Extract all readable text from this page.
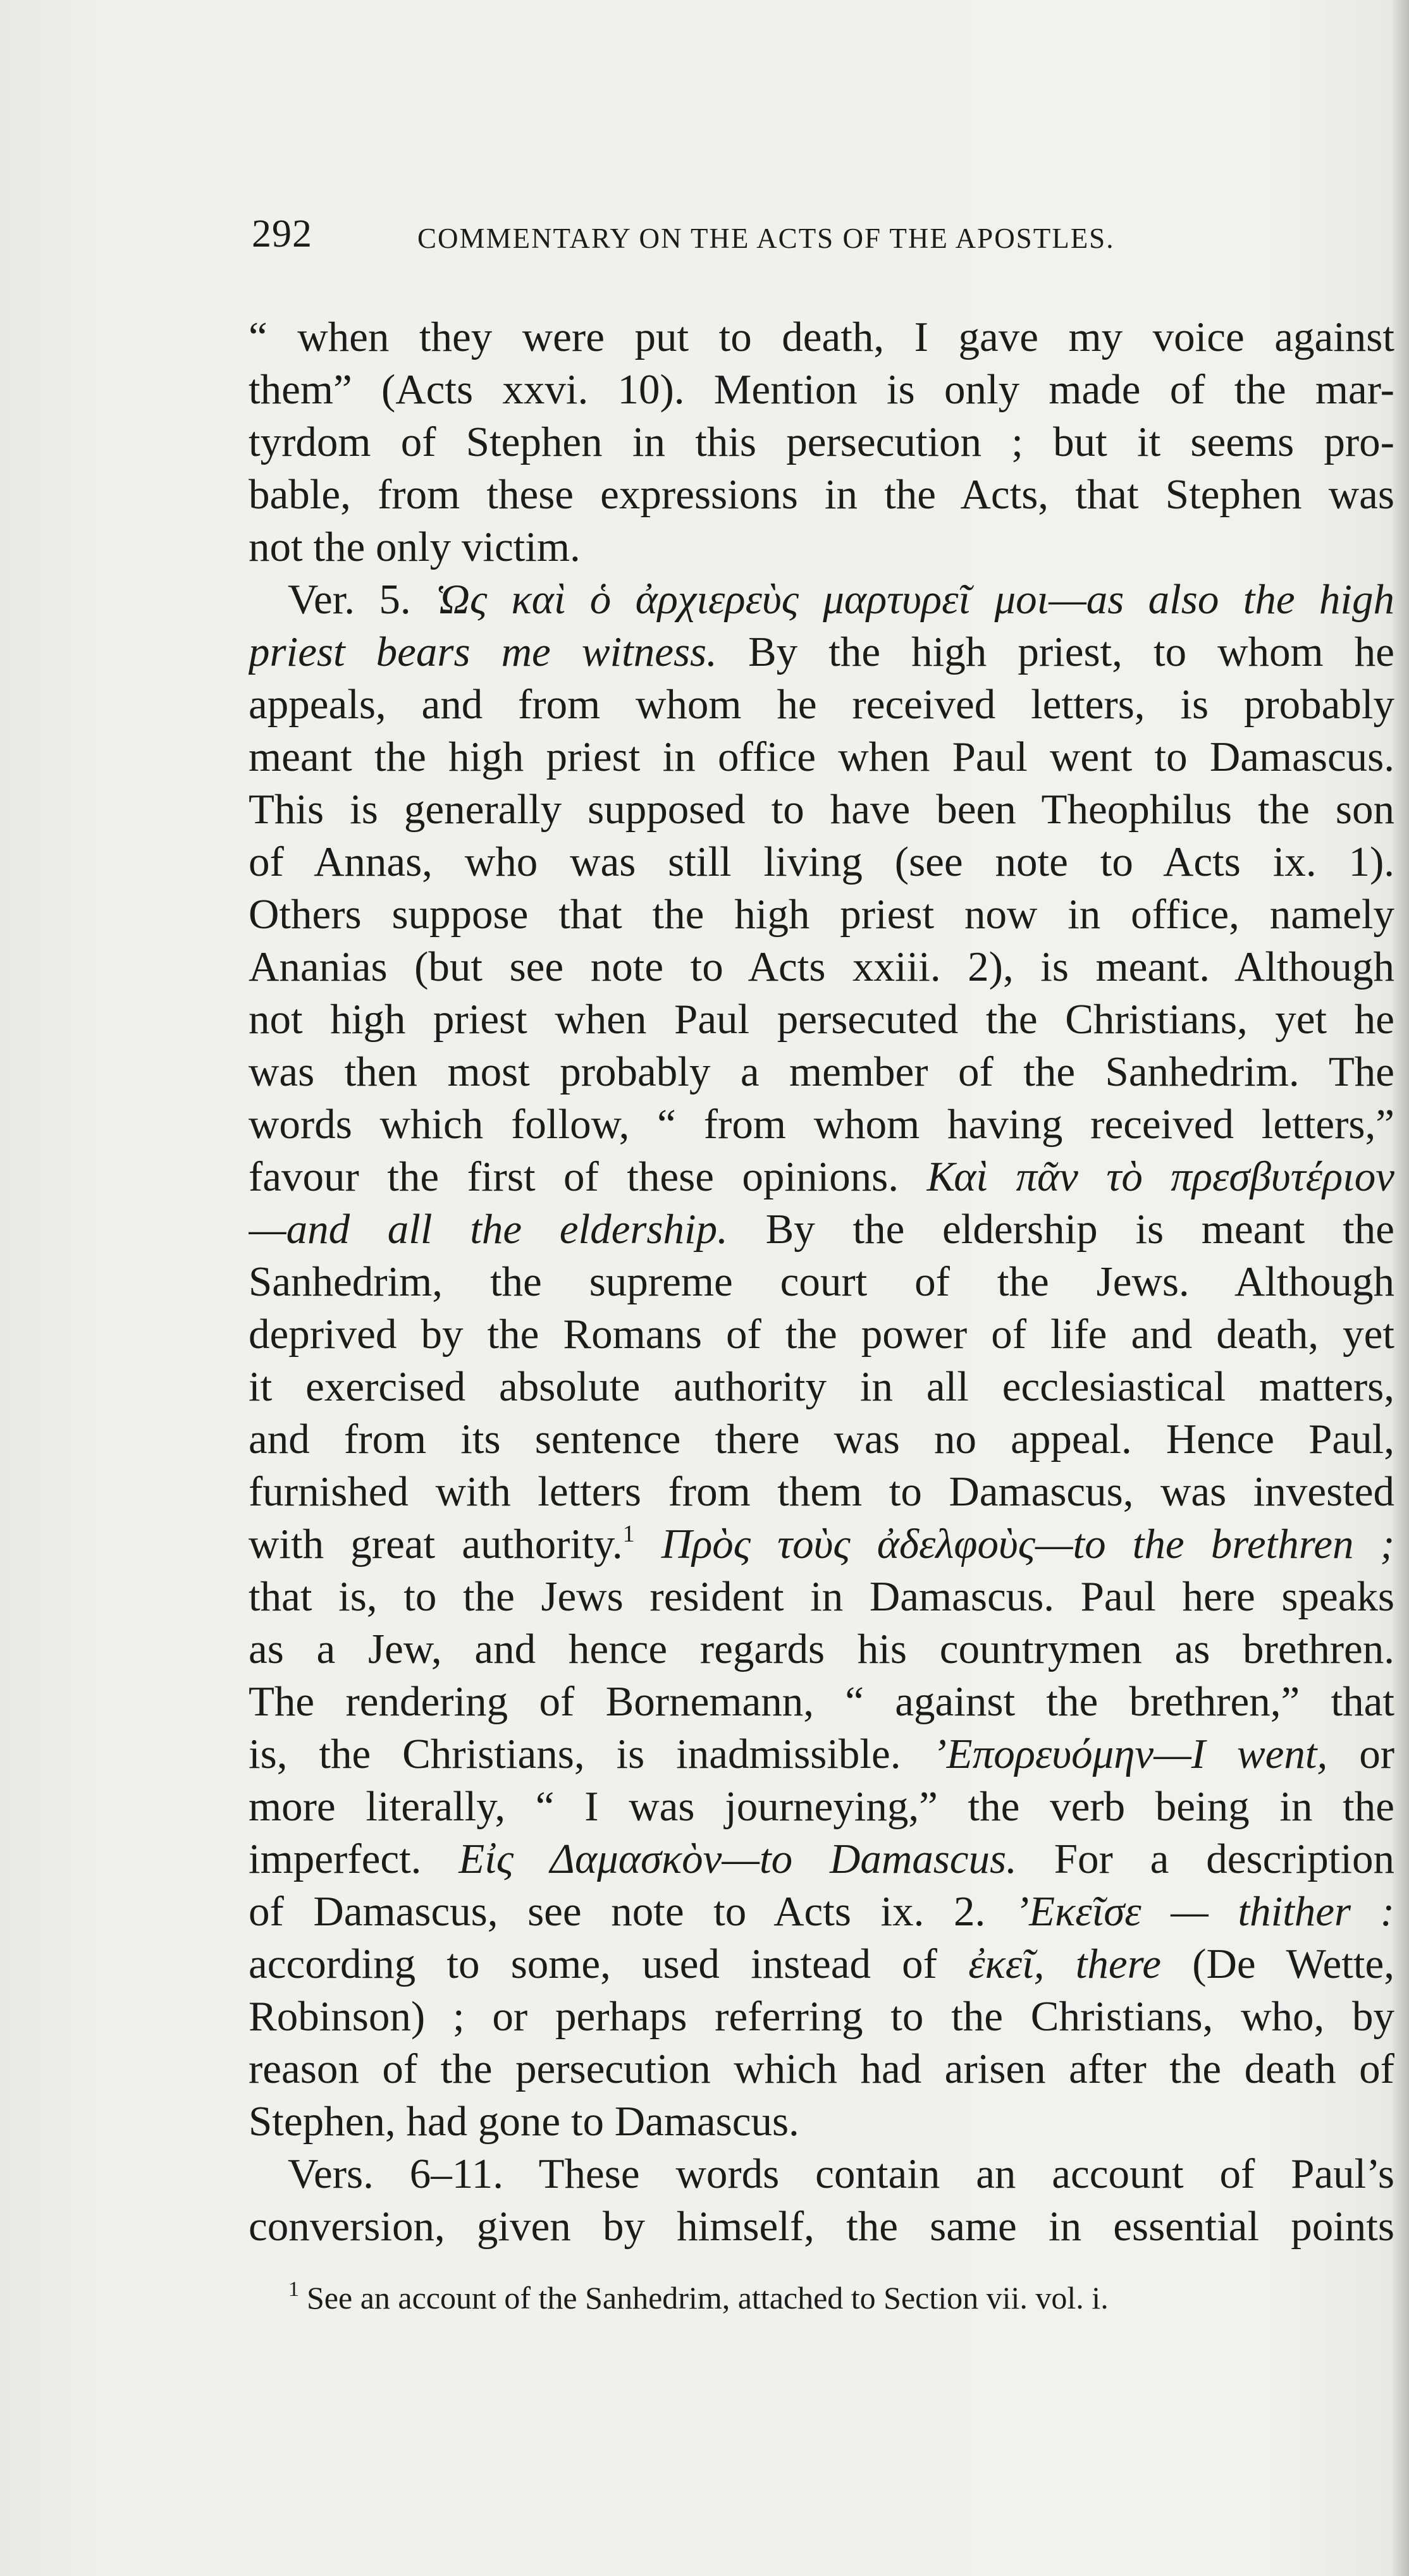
292	COMMENTARY ON THE ACTS OF THE APOSTLES.
“ when they were put to death, I gave my voice against
them” (Acts xxvi. 10). Mention is only made of the mar-
tyrdom of Stephen in this persecution ; but it seems pro-
bable, from these expressions in the Acts, that Stephen was
not the only victim.
Ver. 5. Ὡς καὶ ὁ ἀρχιερεὺς μαρτυρεῖ μοι—as also the high
priest bears me witness. By the high priest, to whom he
appeals, and from whom he received letters, is probably
meant the high priest in office when Paul went to Damascus.
This is generally supposed to have been Theophilus the son
of Annas, who was still living (see note to Acts ix. 1).
Others suppose that the high priest now in office, namely
Ananias (but see note to Acts xxiii. 2), is meant. Although
not high priest when Paul persecuted the Christians, yet he
was then most probably a member of the Sanhedrim. The
words which follow, “ from whom having received letters,”
favour the first of these opinions. Καὶ πᾶν τὸ πρεσβυτέριον
—and all the eldership. By the eldership is meant the
Sanhedrim, the supreme court of the Jews. Although
deprived by the Romans of the power of life and death, yet
it exercised absolute authority in all ecclesiastical matters,
and from its sentence there was no appeal. Hence Paul,
furnished with letters from them to Damascus, was invested
with great authority.$^1$ Πρὸς τοὺς ἀδελφοὺς—to the brethren ;
that is, to the Jews resident in Damascus. Paul here speaks
as a Jew, and hence regards his countrymen as brethren.
The rendering of Bornemann, “ against the brethren,” that
is, the Christians, is inadmissible. ’Επορευόμην—I went, or
more literally, “ I was journeying,” the verb being in the
imperfect. Εἰς Δαμασκὸν—to Damascus. For a description
of Damascus, see note to Acts ix. 2. ’Εκεῖσε — thither :
according to some, used instead of ἐκεῖ, there (De Wette,
Robinson) ; or perhaps referring to the Christians, who, by
reason of the persecution which had arisen after the death of
Stephen, had gone to Damascus.
Vers. 6–11. These words contain an account of Paul’s
conversion, given by himself, the same in essential points
$^1$ See an account of the Sanhedrim, attached to Section vii. vol. i.
